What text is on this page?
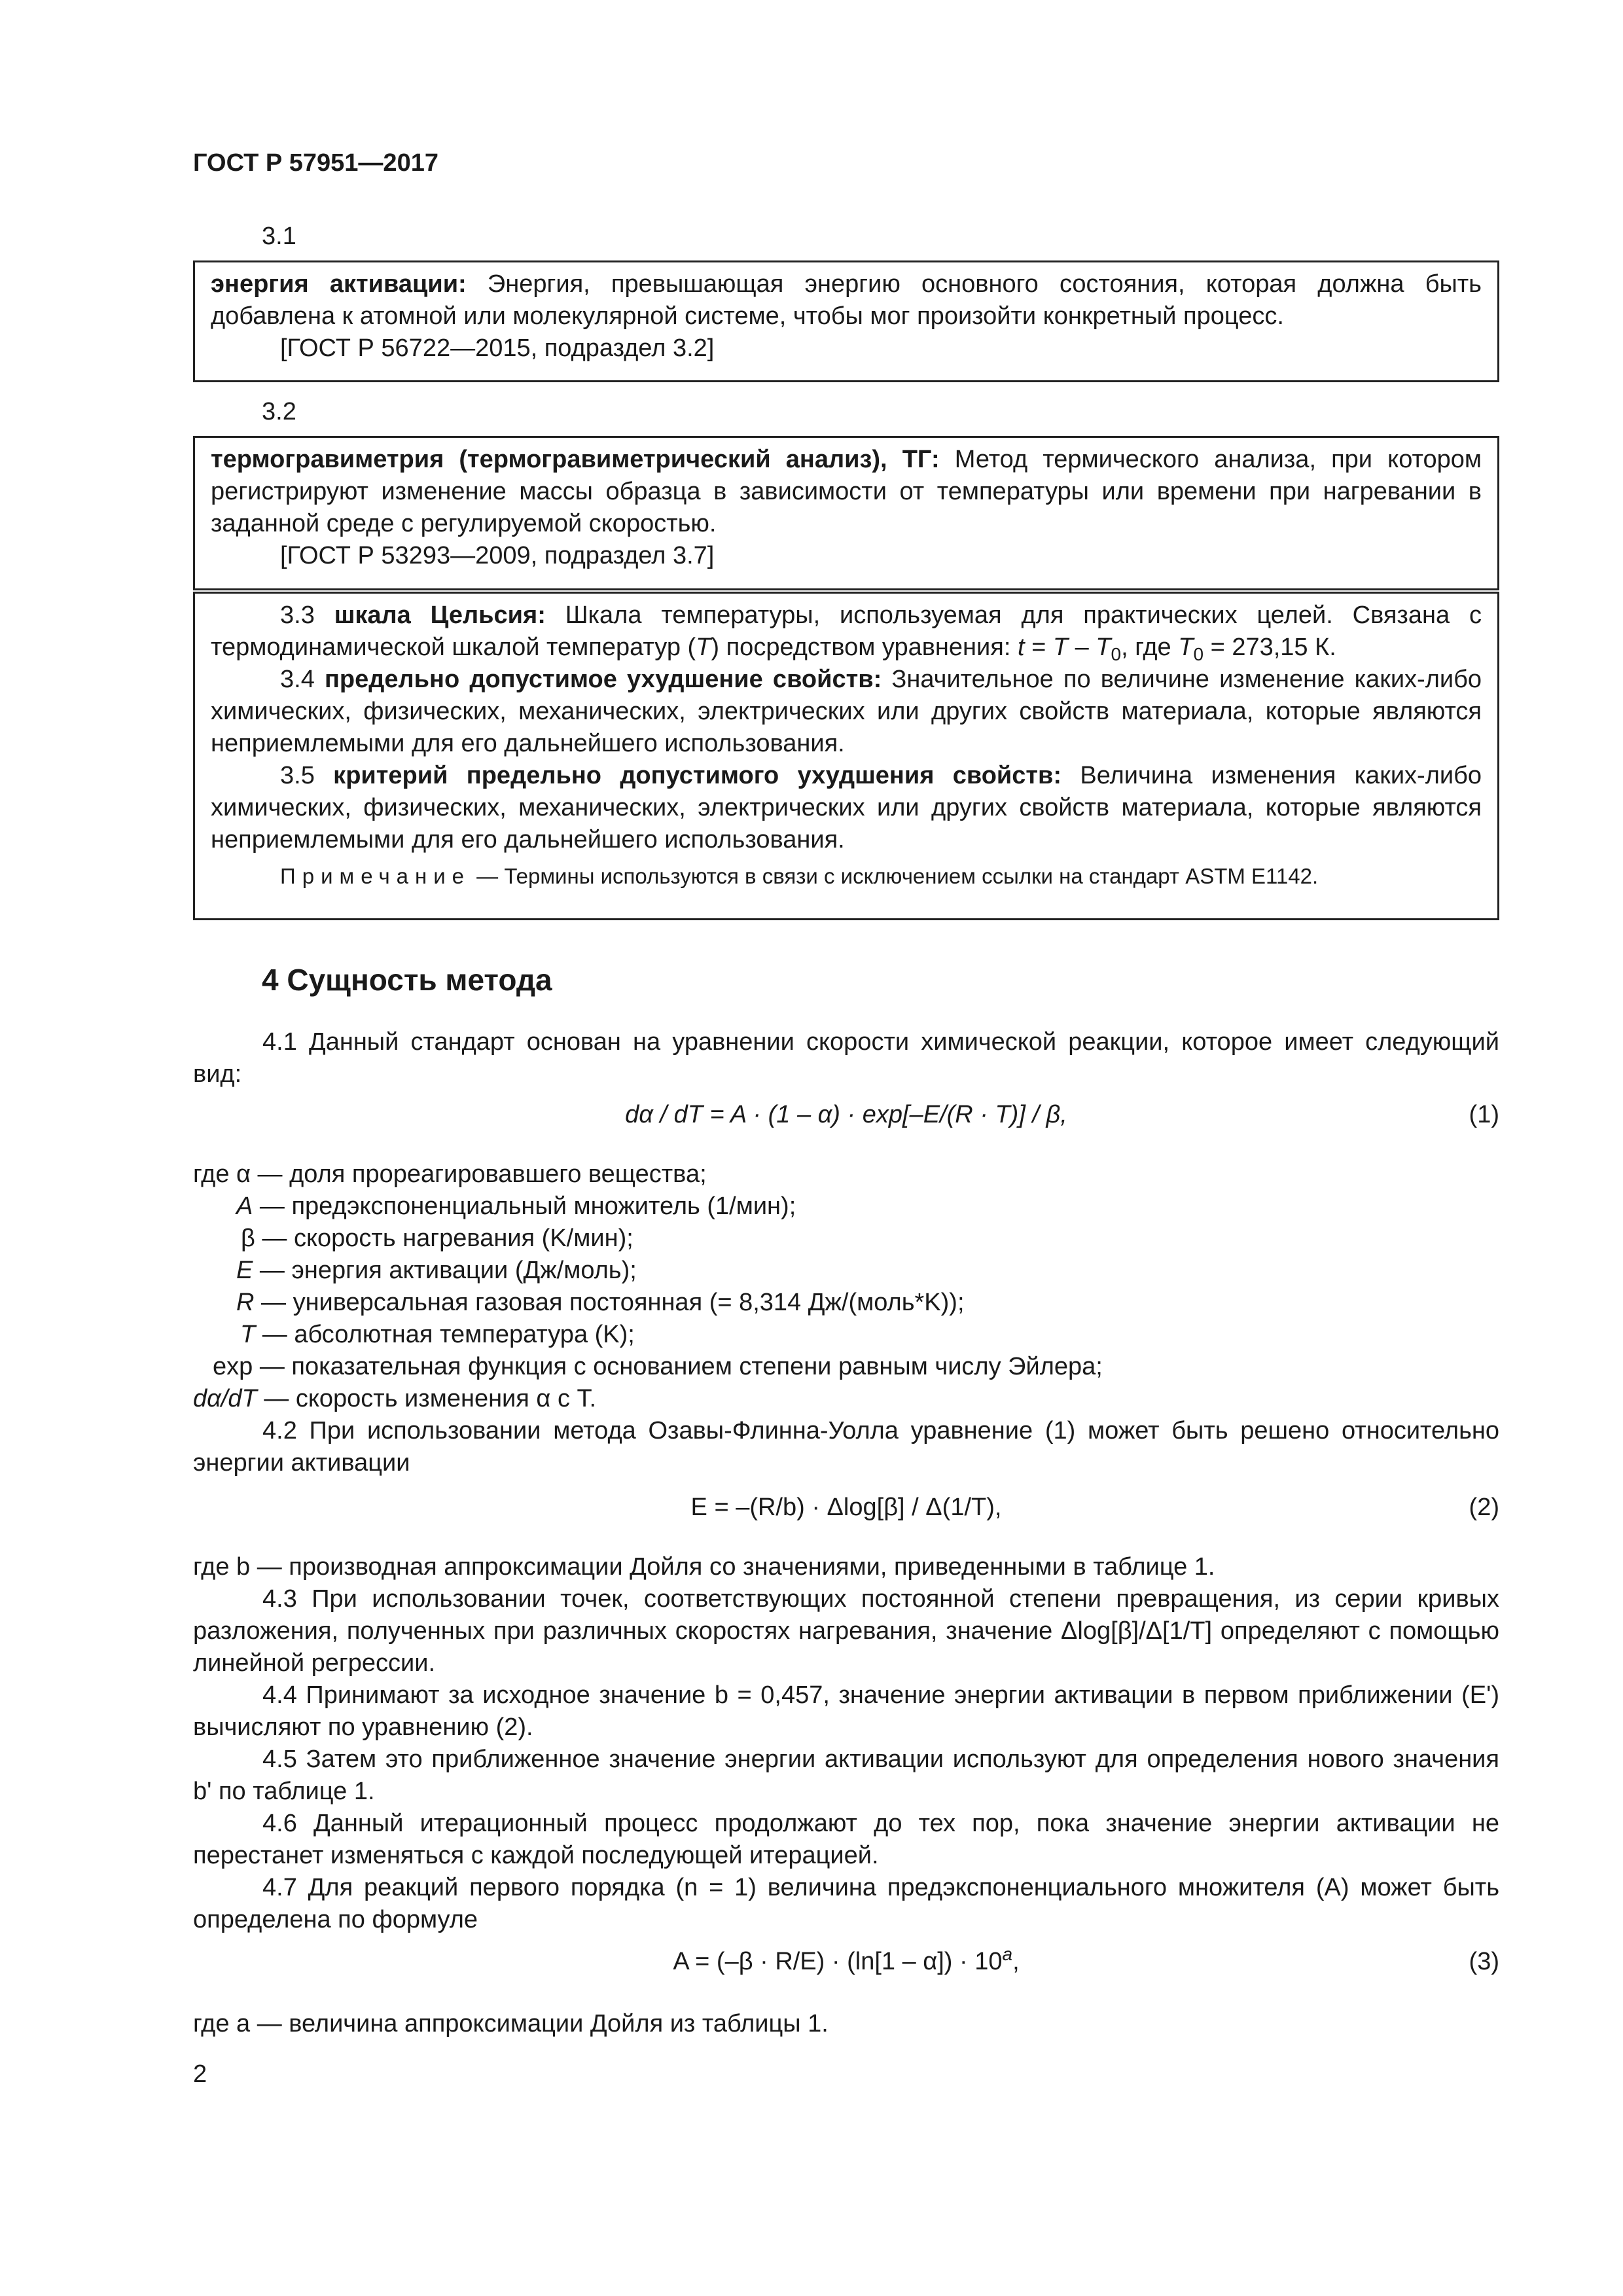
ГОСТ Р 57951—2017
3.1

энергия активации: Энергия, превышающая энергию основного состояния, которая должна быть добавлена к атомной или молекулярной системе, чтобы мог произойти конкретный процесс.

[ГОСТ Р 56722—2015, подраздел 3.2]

3.2

термогравиметрия (термогравиметрический анализ), ТГ: Метод термического анализа, при котором регистрируют изменение массы образца в зависимости от температуры или времени при нагревании в заданной среде с регулируемой скоростью.

[ГОСТ Р 53293—2009, подраздел 3.7]

3.3 шкала Цельсия: Шкала температуры, используемая для практических целей. Связана с термодинамической шкалой температур (T) посредством уравнения: $t = T - T_0$, где $T_0 = 273,15$ К.

3.4 предельно допустимое ухудшение свойств: Значительное по величине изменение каких-либо химических, физических, механических, электрических или других свойств материала, которые являются неприемлемыми для его дальнейшего использования.

3.5 критерий предельно допустимого ухудшения свойств: Величина изменения каких-либо химических, физических, механических, электрических или других свойств материала, которые являются неприемлемыми для его дальнейшего использования.

Примечание — Термины используются в связи с исключением ссылки на стандарт ASTM E1142.

4 Сущность метода

4.1 Данный стандарт основан на уравнении скорости химической реакции, которое имеет следующий вид:

dα / dT = A · (1 – α) · exp[–E/(R · T)] / β,	(1)
где α — доля прореагировавшего вещества;
A — предэкспоненциальный множитель (1/мин);
β — скорость нагревания (K/мин);
E — энергия активации (Дж/моль);
R — универсальная газовая постоянная (= 8,314 Дж/(моль*K));
T — абсолютная температура (K);
exp — показательная функция с основанием степени равным числу Эйлера;
dα/dT — скорость изменения α с T.

4.2 При использовании метода Озавы-Флинна-Уолла уравнение (1) может быть решено относительно энергии активации

E = –(R/b) · Δlog[β] / Δ(1/T),	(2)

где b — производная аппроксимации Дойля со значениями, приведенными в таблице 1.

4.3 При использовании точек, соответствующих постоянной степени превращения, из серии кривых разложения, полученных при различных скоростях нагревания, значение Δlog[β]/Δ[1/T] определяют с помощью линейной регрессии.

4.4 Принимают за исходное значение b = 0,457, значение энергии активации в первом приближении (E') вычисляют по уравнению (2).

4.5 Затем это приближенное значение энергии активации используют для определения нового значения b' по таблице 1.

4.6 Данный итерационный процесс продолжают до тех пор, пока значение энергии активации не перестанет изменяться с каждой последующей итерацией.

4.7 Для реакций первого порядка (n = 1) величина предэкспоненциального множителя (A) может быть определена по формуле

$A = (-\beta \cdot R/E) \cdot (\ln[1 - \alpha]) \cdot 10^a$,	(3)

где a — величина аппроксимации Дойля из таблицы 1.

2
